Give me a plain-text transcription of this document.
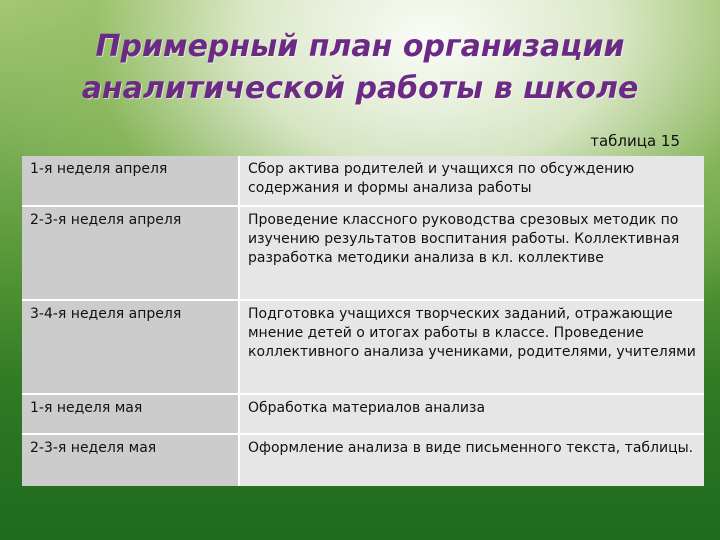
Примерный план организации
аналитической работы в школе
таблица 15
1-я неделя апреля	Сбор актива родителей и учащихся по обсуждению содержания и формы анализа работы
2-3-я неделя апреля	Проведение классного руководства срезовых методик по изучению результатов воспитания работы. Коллективная разработка методики анализа в кл. коллективе
3-4-я неделя апреля	Подготовка учащихся творческих заданий, отражающие мнение детей о итогах работы в классе. Проведение коллективного анализа учениками, родителями, учителями
1-я неделя мая	Обработка материалов анализа
2-3-я неделя мая	Оформление анализа в виде письменного текста, таблицы.
